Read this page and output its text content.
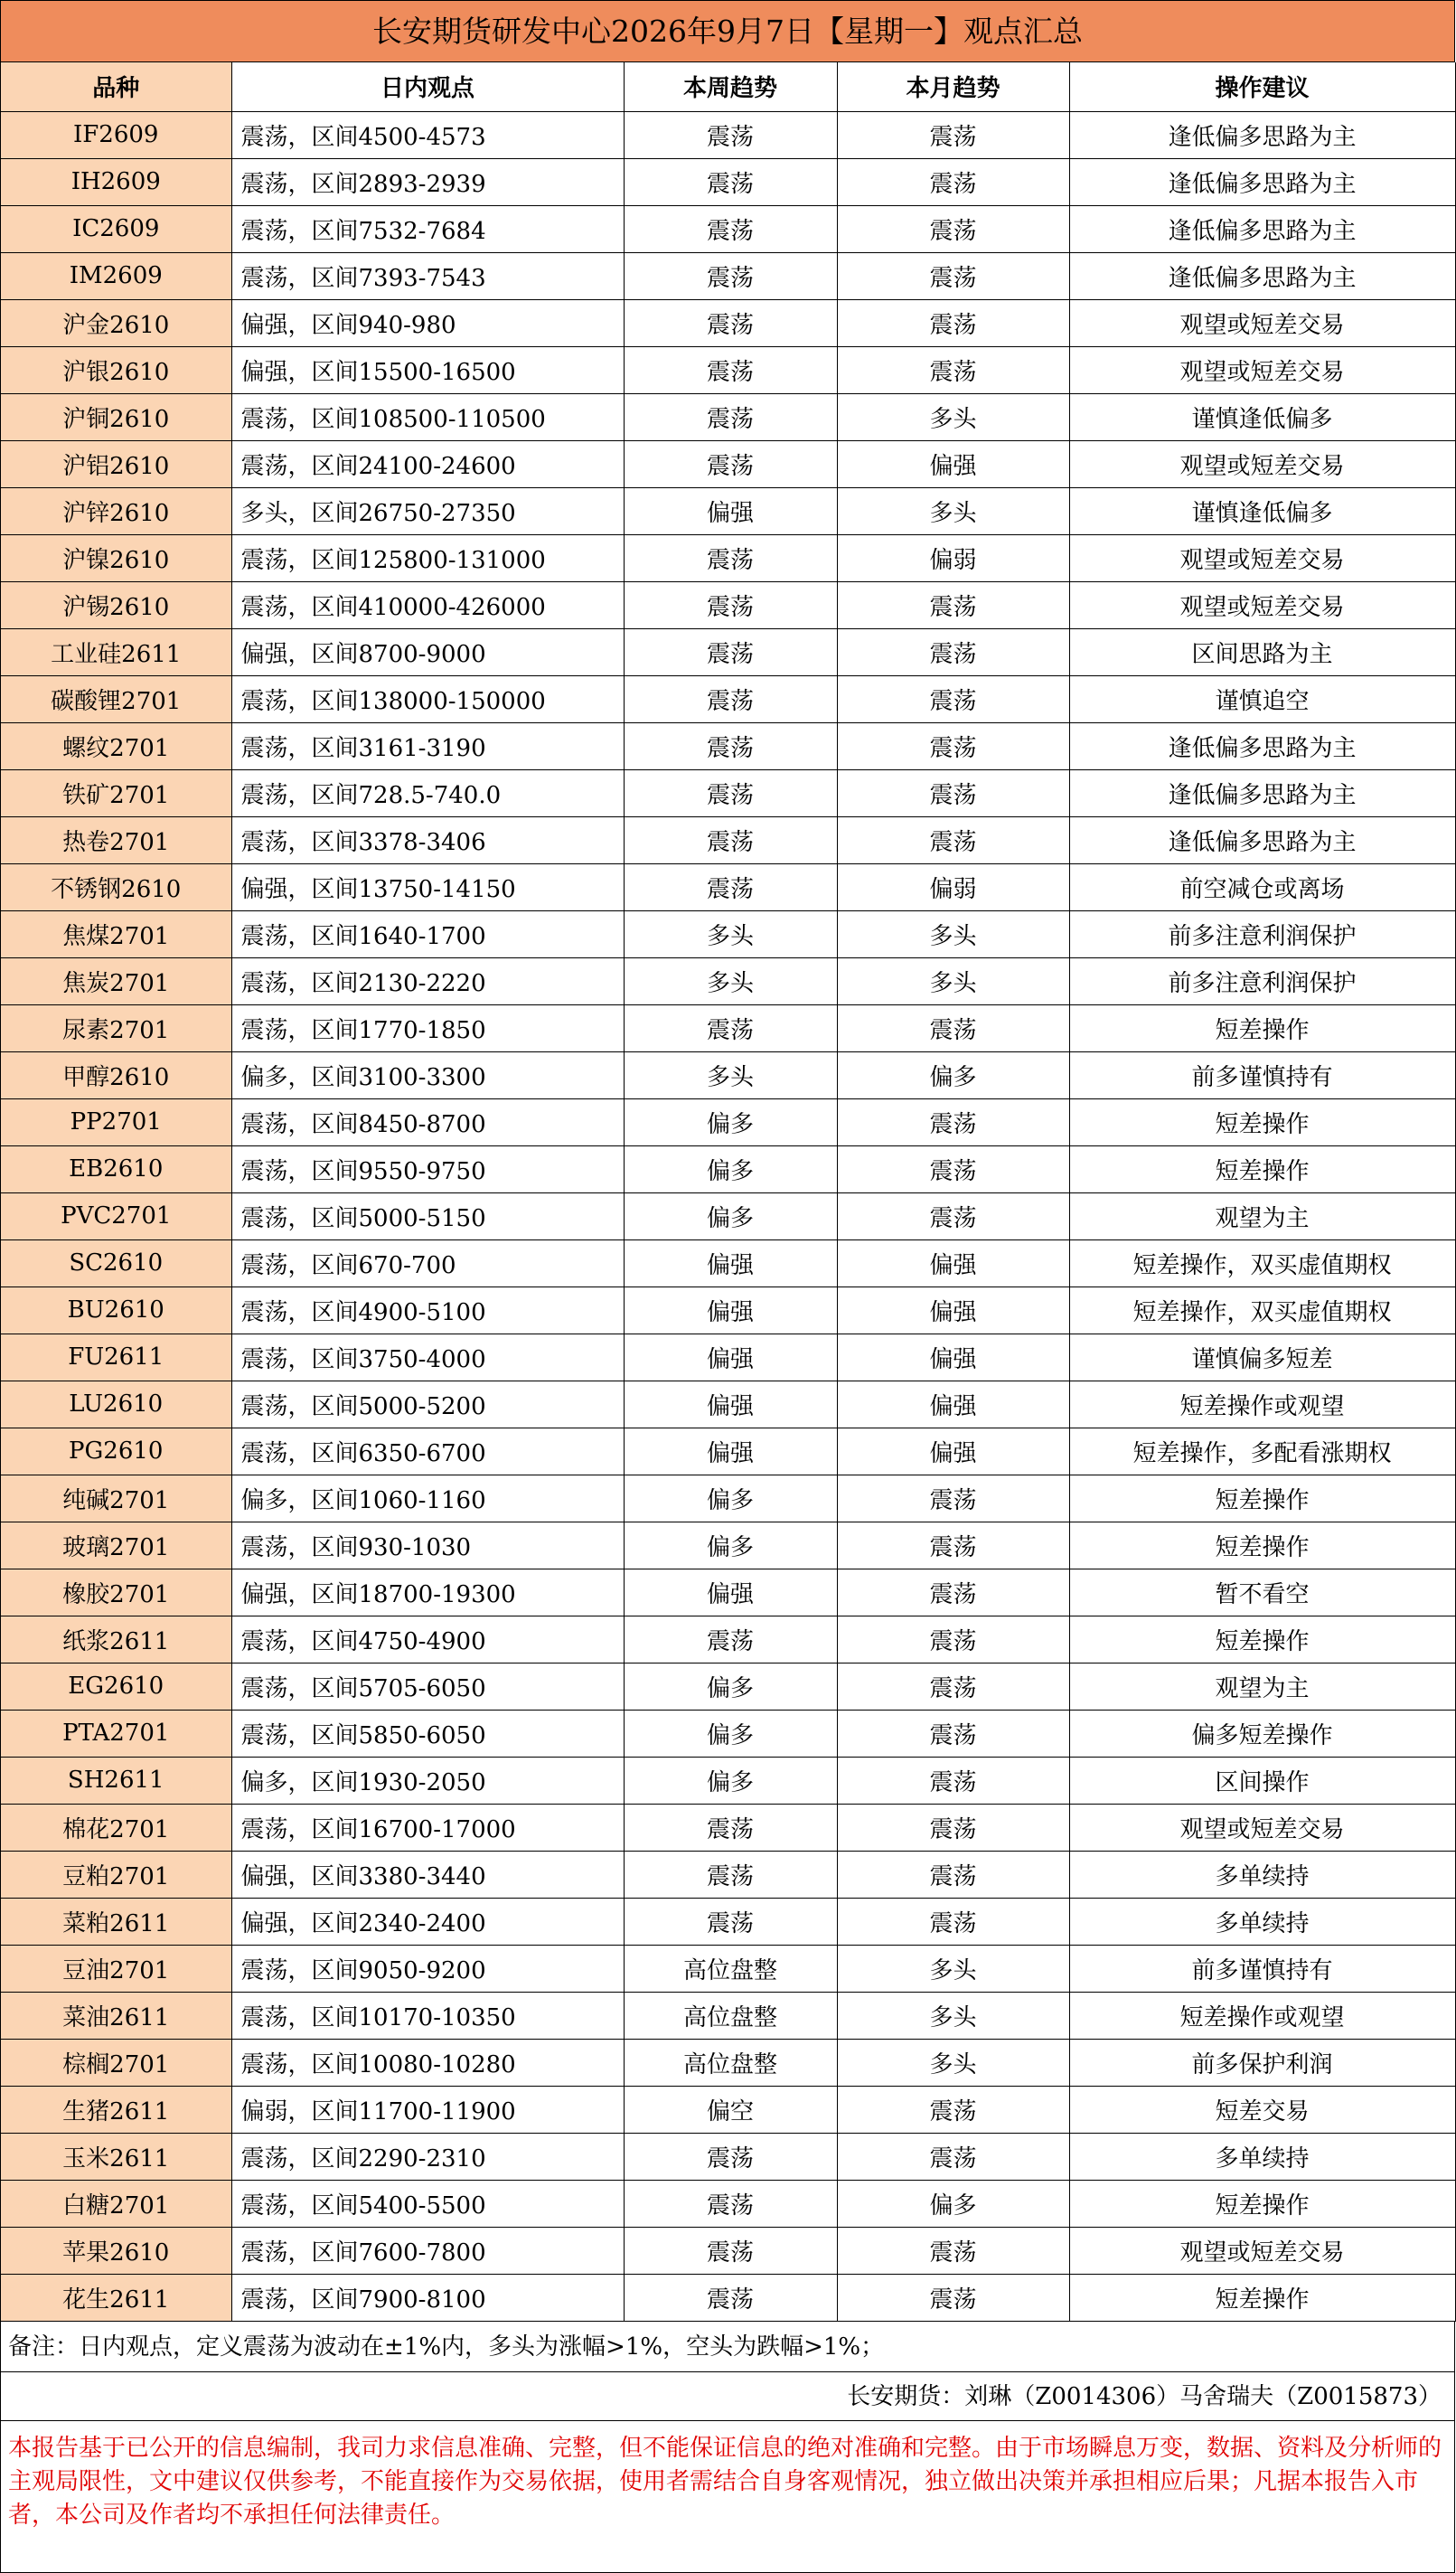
长安期货研发中心2026年9月7日【星期一】观点汇总
品种	日内观点	本周趋势	本月趋势	操作建议
IF2609	震荡，区间4500-4573	震荡	震荡	逢低偏多思路为主
IH2609	震荡，区间2893-2939	震荡	震荡	逢低偏多思路为主
IC2609	震荡，区间7532-7684	震荡	震荡	逢低偏多思路为主
IM2609	震荡，区间7393-7543	震荡	震荡	逢低偏多思路为主
沪金2610	偏强，区间940-980	震荡	震荡	观望或短差交易
沪银2610	偏强，区间15500-16500	震荡	震荡	观望或短差交易
沪铜2610	震荡，区间108500-110500	震荡	多头	谨慎逢低偏多
沪铝2610	震荡，区间24100-24600	震荡	偏强	观望或短差交易
沪锌2610	多头，区间26750-27350	偏强	多头	谨慎逢低偏多
沪镍2610	震荡，区间125800-131000	震荡	偏弱	观望或短差交易
沪锡2610	震荡，区间410000-426000	震荡	震荡	观望或短差交易
工业硅2611	偏强，区间8700-9000	震荡	震荡	区间思路为主
碳酸锂2701	震荡，区间138000-150000	震荡	震荡	谨慎追空
螺纹2701	震荡，区间3161-3190	震荡	震荡	逢低偏多思路为主
铁矿2701	震荡，区间728.5-740.0	震荡	震荡	逢低偏多思路为主
热卷2701	震荡，区间3378-3406	震荡	震荡	逢低偏多思路为主
不锈钢2610	偏强，区间13750-14150	震荡	偏弱	前空减仓或离场
焦煤2701	震荡，区间1640-1700	多头	多头	前多注意利润保护
焦炭2701	震荡，区间2130-2220	多头	多头	前多注意利润保护
尿素2701	震荡，区间1770-1850	震荡	震荡	短差操作
甲醇2610	偏多，区间3100-3300	多头	偏多	前多谨慎持有
PP2701	震荡，区间8450-8700	偏多	震荡	短差操作
EB2610	震荡，区间9550-9750	偏多	震荡	短差操作
PVC2701	震荡，区间5000-5150	偏多	震荡	观望为主
SC2610	震荡，区间670-700	偏强	偏强	短差操作，双买虚值期权
BU2610	震荡，区间4900-5100	偏强	偏强	短差操作，双买虚值期权
FU2611	震荡，区间3750-4000	偏强	偏强	谨慎偏多短差
LU2610	震荡，区间5000-5200	偏强	偏强	短差操作或观望
PG2610	震荡，区间6350-6700	偏强	偏强	短差操作，多配看涨期权
纯碱2701	偏多，区间1060-1160	偏多	震荡	短差操作
玻璃2701	震荡，区间930-1030	偏多	震荡	短差操作
橡胶2701	偏强，区间18700-19300	偏强	震荡	暂不看空
纸浆2611	震荡，区间4750-4900	震荡	震荡	短差操作
EG2610	震荡，区间5705-6050	偏多	震荡	观望为主
PTA2701	震荡，区间5850-6050	偏多	震荡	偏多短差操作
SH2611	偏多，区间1930-2050	偏多	震荡	区间操作
棉花2701	震荡，区间16700-17000	震荡	震荡	观望或短差交易
豆粕2701	偏强，区间3380-3440	震荡	震荡	多单续持
菜粕2611	偏强，区间2340-2400	震荡	震荡	多单续持
豆油2701	震荡，区间9050-9200	高位盘整	多头	前多谨慎持有
菜油2611	震荡，区间10170-10350	高位盘整	多头	短差操作或观望
棕榈2701	震荡，区间10080-10280	高位盘整	多头	前多保护利润
生猪2611	偏弱，区间11700-11900	偏空	震荡	短差交易
玉米2611	震荡，区间2290-2310	震荡	震荡	多单续持
白糖2701	震荡，区间5400-5500	震荡	偏多	短差操作
苹果2610	震荡，区间7600-7800	震荡	震荡	观望或短差交易
花生2611	震荡，区间7900-8100	震荡	震荡	短差操作
备注：日内观点，定义震荡为波动在±1%内，多头为涨幅>1%，空头为跌幅>1%；
长安期货：刘琳（Z0014306）马舍瑞夫（Z0015873）
本报告基于已公开的信息编制，我司力求信息准确、完整，但不能保证信息的绝对准确和完整。由于市场瞬息万变，数据、资料及分析师的主观局限性，文中建议仅供参考，不能直接作为交易依据，使用者需结合自身客观情况，独立做出决策并承担相应后果；凡据本报告入市者，本公司及作者均不承担任何法律责任。
